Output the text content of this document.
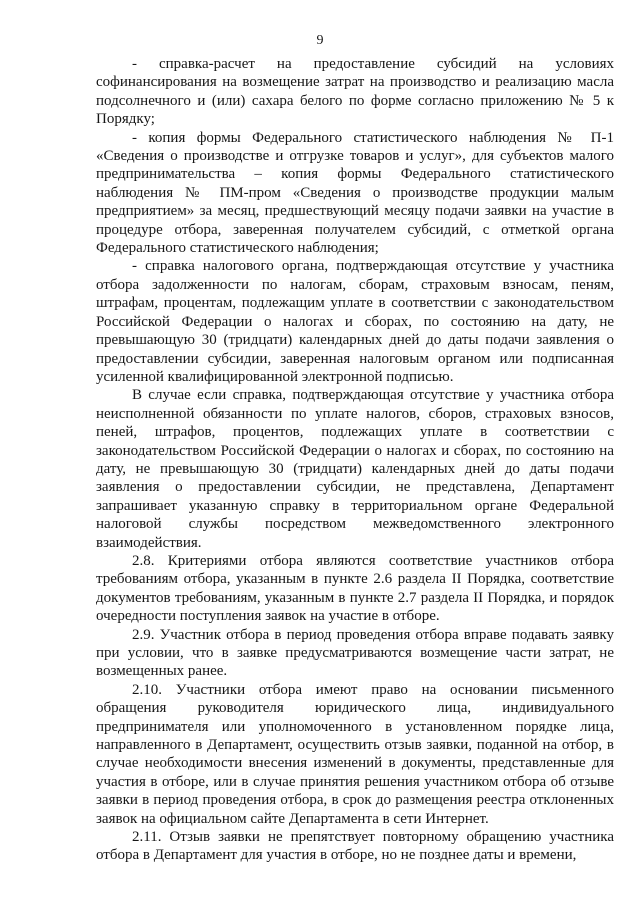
9

- справка-расчет на предоставление субсидий на условиях софинансирования на возмещение затрат на производство и реализацию масла подсолнечного и (или) сахара белого по форме согласно приложению № 5 к Порядку;

- копия формы Федерального статистического наблюдения № П-1 «Сведения о производстве и отгрузке товаров и услуг», для субъектов малого предпринимательства – копия формы Федерального статистического наблюдения № ПМ-пром «Сведения о производстве продукции малым предприятием» за месяц, предшествующий месяцу подачи заявки на участие в процедуре отбора, заверенная получателем субсидий, с отметкой органа Федерального статистического наблюдения;

- справка налогового органа, подтверждающая отсутствие у участника отбора задолженности по налогам, сборам, страховым взносам, пеням, штрафам, процентам, подлежащим уплате в соответствии с законодательством Российской Федерации о налогах и сборах, по состоянию на дату, не превышающую 30 (тридцати) календарных дней до даты подачи заявления о предоставлении субсидии, заверенная налоговым органом или подписанная усиленной квалифицированной электронной подписью.

В случае если справка, подтверждающая отсутствие у участника отбора неисполненной обязанности по уплате налогов, сборов, страховых взносов, пеней, штрафов, процентов, подлежащих уплате в соответствии с законодательством Российской Федерации о налогах и сборах, по состоянию на дату, не превышающую 30 (тридцати) календарных дней до даты подачи заявления о предоставлении субсидии, не представлена, Департамент запрашивает указанную справку в территориальном органе Федеральной налоговой службы посредством межведомственного электронного взаимодействия.

2.8. Критериями отбора являются соответствие участников отбора требованиям отбора, указанным в пункте 2.6 раздела II Порядка, соответствие документов требованиям, указанным в пункте 2.7 раздела II Порядка, и порядок очередности поступления заявок на участие в отборе.

2.9. Участник отбора в период проведения отбора вправе подавать заявку при условии, что в заявке предусматриваются возмещение части затрат, не возмещенных ранее.

2.10. Участники отбора имеют право на основании письменного обращения руководителя юридического лица, индивидуального предпринимателя или уполномоченного в установленном порядке лица, направленного в Департамент, осуществить отзыв заявки, поданной на отбор, в случае необходимости внесения изменений в документы, представленные для участия в отборе, или в случае принятия решения участником отбора об отзыве заявки в период проведения отбора, в срок до размещения реестра отклоненных заявок на официальном сайте Департамента в сети Интернет.

2.11. Отзыв заявки не препятствует повторному обращению участника отбора в Департамент для участия в отборе, но не позднее даты и времени,
